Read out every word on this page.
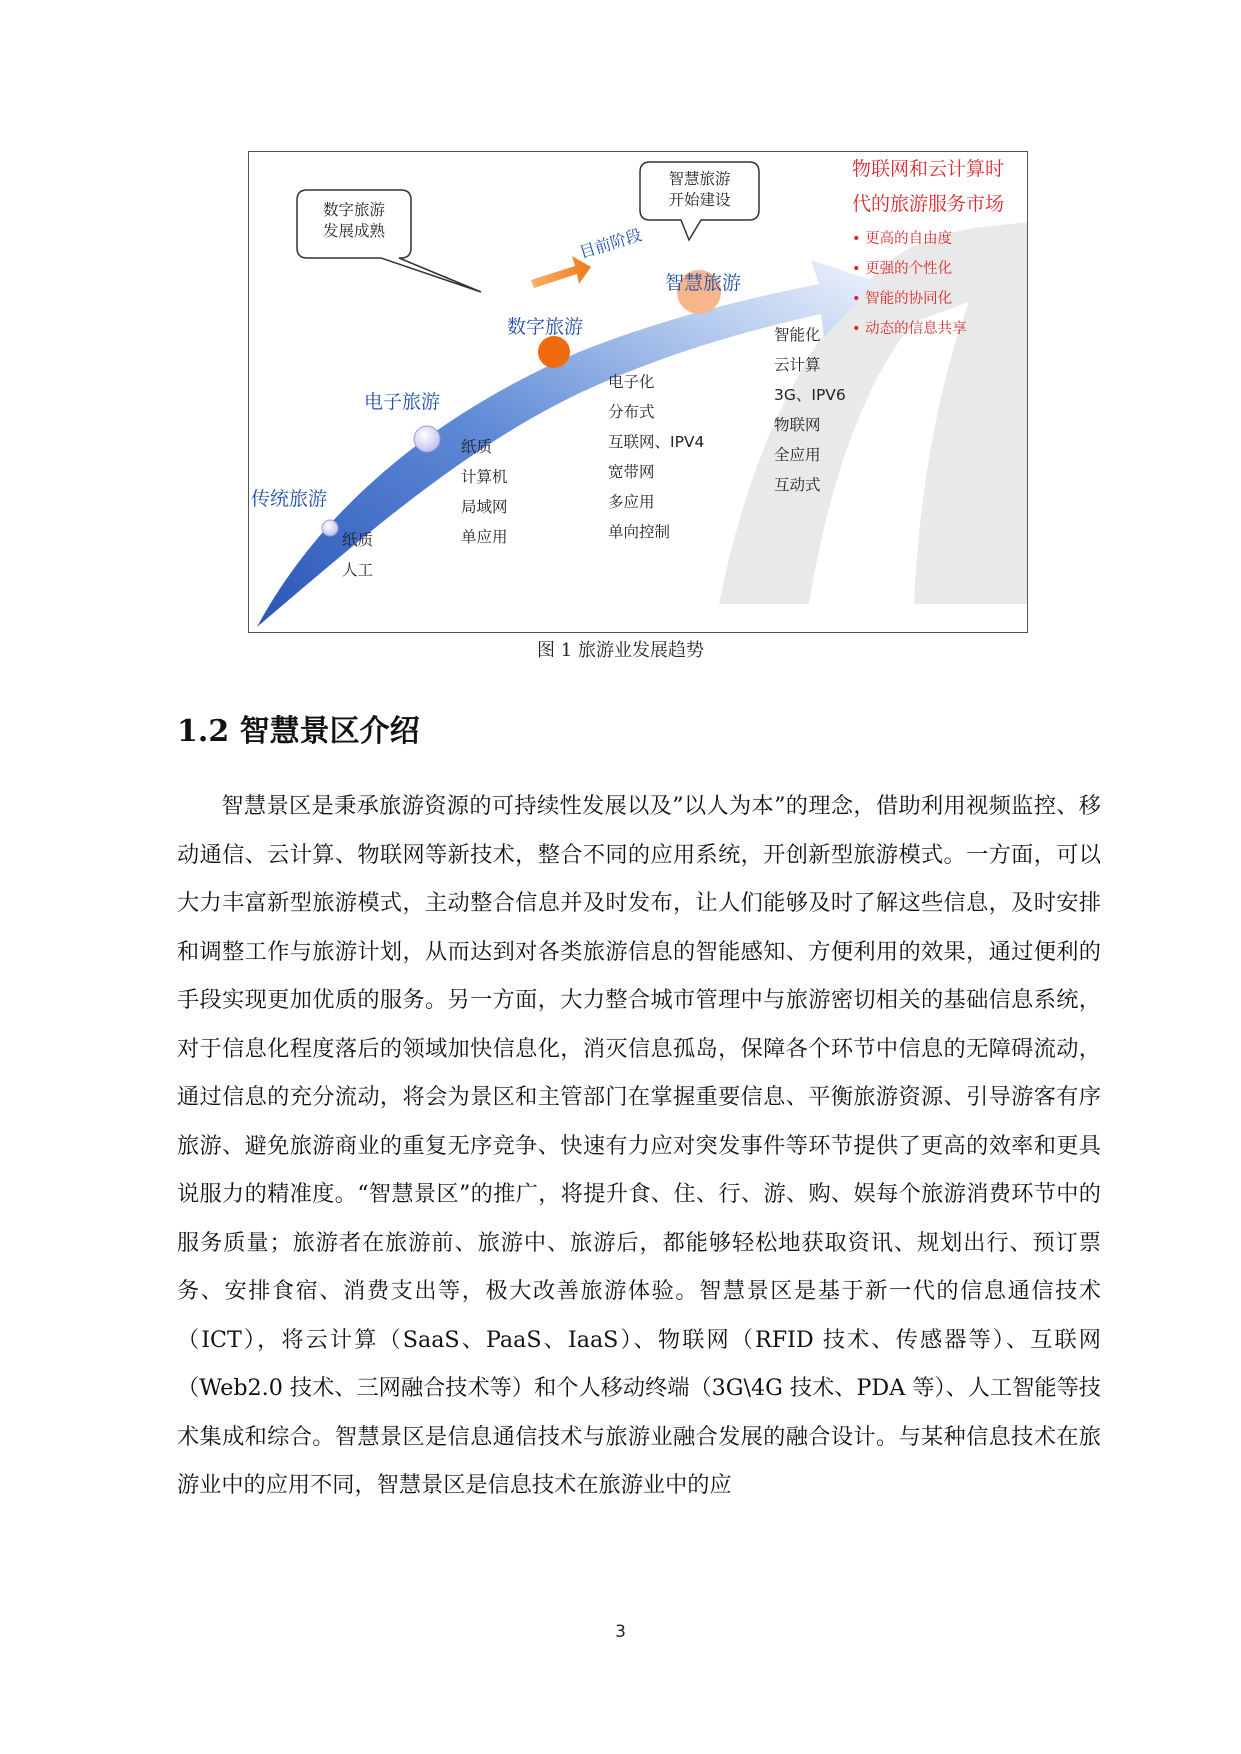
数字旅游
发展成熟
智慧旅游
开始建设
传统旅游
电子旅游
数字旅游
智慧旅游
目前阶段
纸质
人工
纸质
计算机
局域网
单应用
电子化
分布式
互联网、IPV4
宽带网
多应用
单向控制
智能化
云计算
3G、IPV6
物联网
全应用
互动式
物联网和云计算时
代的旅游服务市场
• 更高的自由度
• 更强的个性化
• 智能的协同化
• 动态的信息共享
图 1 旅游业发展趋势
1.2 智慧景区介绍

智慧景区是秉承旅游资源的可持续性发展以及”以人为本”的理念，借助利用视频监控、移动通信、云计算、物联网等新技术，整合不同的应用系统，开创新型旅游模式。一方面，可以大力丰富新型旅游模式，主动整合信息并及时发布，让人们能够及时了解这些信息，及时安排和调整工作与旅游计划，从而达到对各类旅游信息的智能感知、方便利用的效果，通过便利的手段实现更加优质的服务。另一方面，大力整合城市管理中与旅游密切相关的基础信息系统，对于信息化程度落后的领域加快信息化，消灭信息孤岛，保障各个环节中信息的无障碍流动，通过信息的充分流动，将会为景区和主管部门在掌握重要信息、平衡旅游资源、引导游客有序旅游、避免旅游商业的重复无序竞争、快速有力应对突发事件等环节提供了更高的效率和更具说服力的精准度。“智慧景区”的推广，将提升食、住、行、游、购、娱每个旅游消费环节中的服务质量；旅游者在旅游前、旅游中、旅游后，都能够轻松地获取资讯、规划出行、预订票务、安排食宿、消费支出等，极大改善旅游体验。智慧景区是基于新一代的信息通信技术（ICT），将云计算（SaaS、PaaS、IaaS）、物联网（RFID 技术、传感器等）、互联网（Web2.0 技术、三网融合技术等）和个人移动终端（3G\4G 技术、PDA 等）、人工智能等技术集成和综合。智慧景区是信息通信技术与旅游业融合发展的融合设计。与某种信息技术在旅游业中的应用不同，智慧景区是信息技术在旅游业中的应

3
